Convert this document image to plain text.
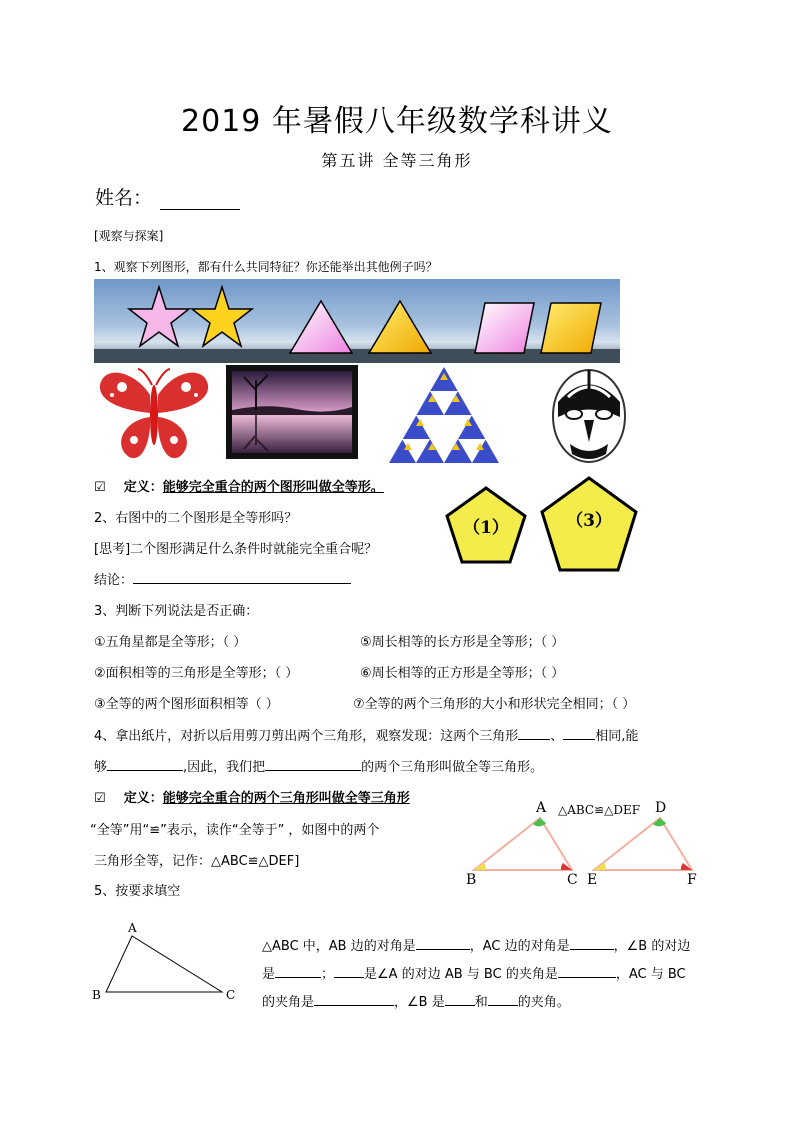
2019 年暑假八年级数学科讲义
第五讲 全等三角形
姓名：
[观察与探案]
1、观察下列图形，都有什么共同特征？你还能举出其他例子吗？
☑ 定义：能够完全重合的两个图形叫做全等形。
2、右图中的二个图形是全等形吗？
[思考]二个图形满足什么条件时就能完全重合呢？
结论：
（1）	（3）
3、判断下列说法是否正确：
①五角星都是全等形；（ ）	⑤周长相等的长方形是全等形；（ ）
②面积相等的三角形是全等形；（ ）	⑥周长相等的正方形是全等形；（ ）
③全等的两个图形面积相等（ ）	⑦全等的两个三角形的大小和形状完全相同；（ ）
4、拿出纸片，对折以后用剪刀剪出两个三角形，观察发现：这两个三角形 、 相同,能
够	,因此，我们把	的两个三角形叫做全等三角形。
☑ 定义：能够完全重合的两个三角形叫做全等三角形
“全等”用“≌”表示，读作“全等于” ，如图中的两个
三角形全等，记作：△ABC≌△DEF]
△ABC≌△DEF
A
B	C
D
E	F
5、按要求填空
A
B	C
△ABC 中，AB 边的对角是	，AC 边的对角是	，∠B 的对边
是	； 是∠A 的对边 AB 与 BC 的夹角是	，AC 与 BC
的夹角是	，∠B 是 和 的夹角。
